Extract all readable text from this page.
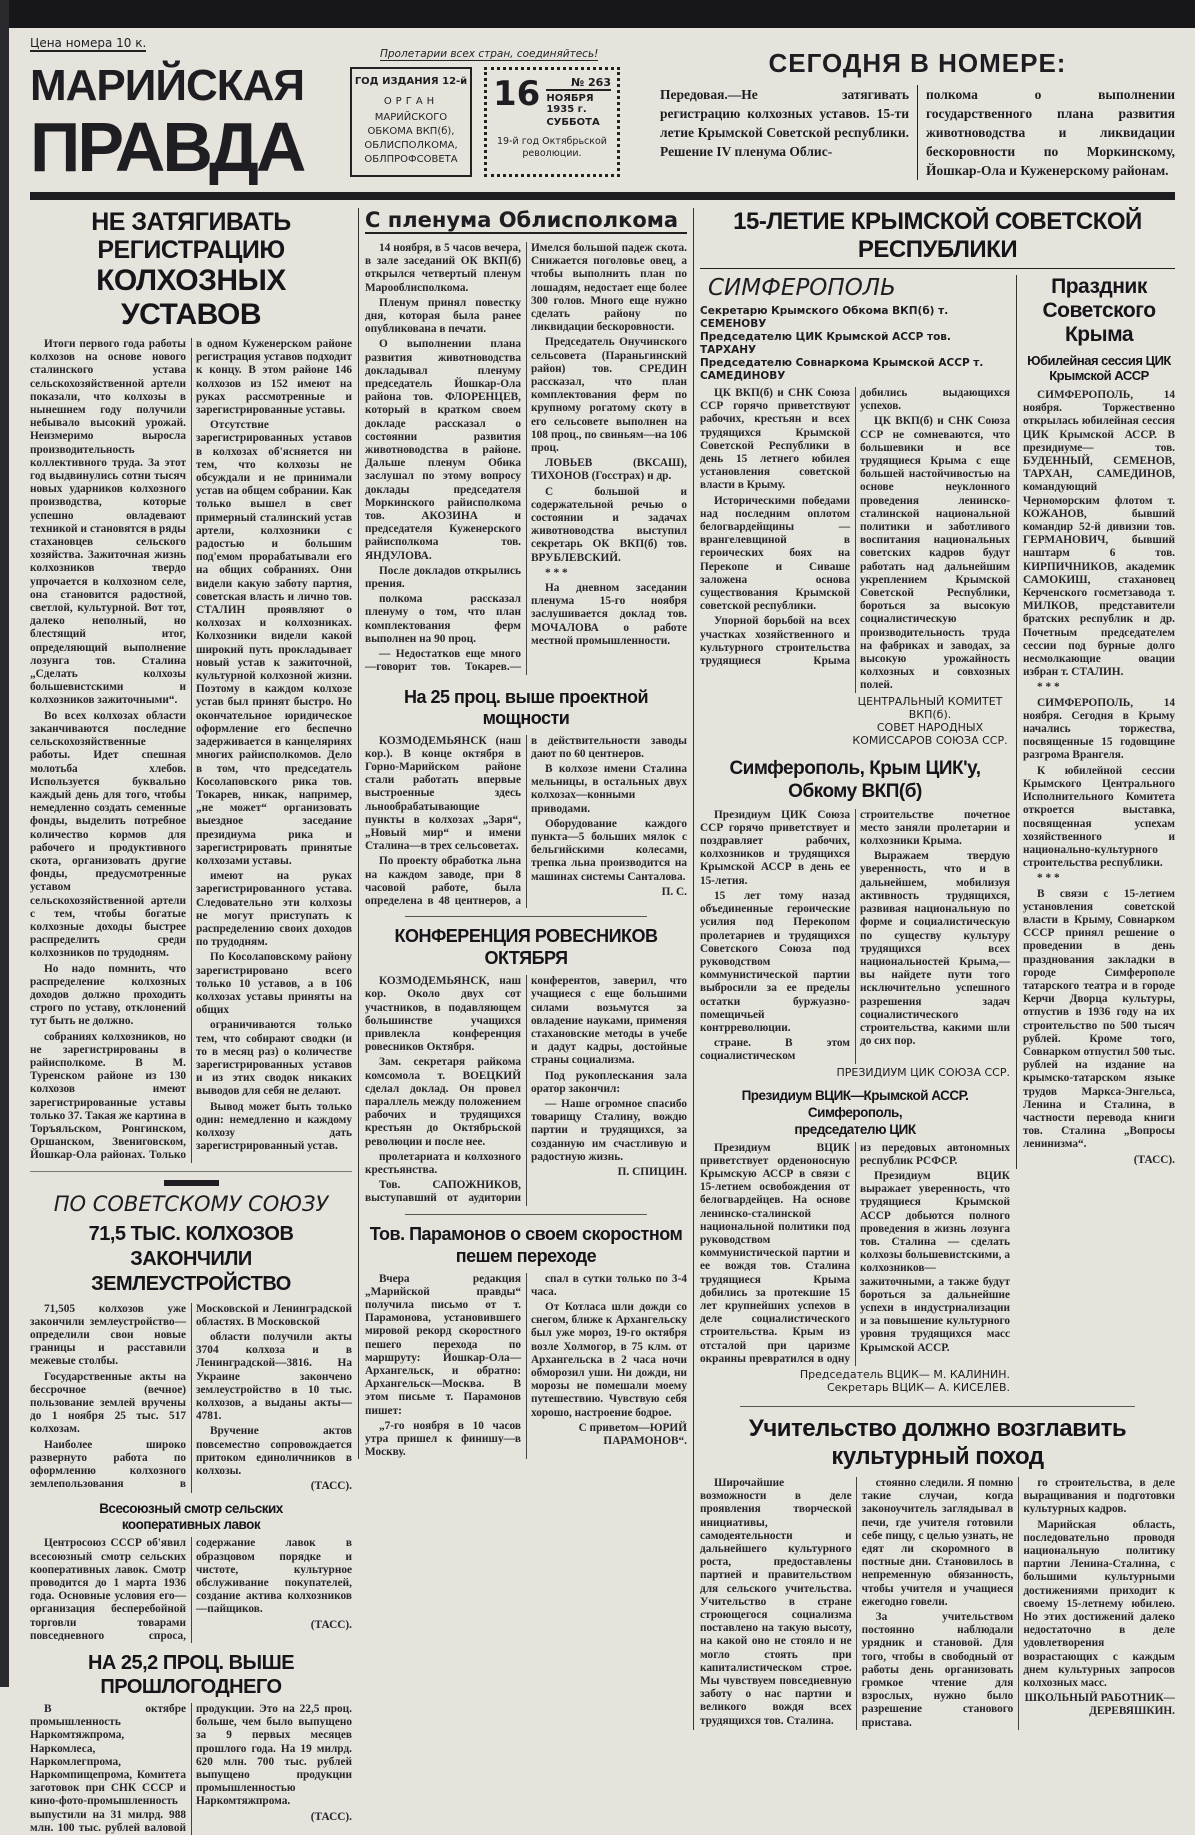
Цена номера 10 к.
МАРИЙСКАЯ
ПРАВДА
Пролетарии всех стран, соединяйтесь!
ГОД ИЗДАНИЯ 12-й
ОРГАН
МАРИЙСКОГО ОБКОМА ВКП(б), ОБЛИСПОЛКОМА, ОБЛПРОФСОВЕТА
16	№ 263
НОЯБРЯ 1935 г.
СУББОТА
19-й год Октябрьской революции.
СЕГОДНЯ В НОМЕРЕ:
Передовая.—Не затягивать регистрацию колхозных уставов. 15-ти летие Крымской Советской республики. Решение IV пленума Облис-
полкома о выполнении государственного плана развития животноводства и ликвидации бескоровности по Моркинскому, Йошкар-Ола и Куженерскому районам.
НЕ ЗАТЯГИВАТЬ РЕГИСТРАЦИЮ
КОЛХОЗНЫХ УСТАВОВ

Итоги первого года работы колхозов на основе нового сталинского устава сельскохозяйственной артели показали, что колхозы в нынешнем году получили небывало высокий урожай. Неизмеримо выросла производительность коллективного труда. За этот год выдвинулись сотни тысяч новых ударников колхозного производства, которые успешно овладевают техникой и становятся в ряды стахановцев сельского хозяйства. Зажиточная жизнь колхозников твердо упрочается в колхозном селе, она становится радостной, светлой, культурной. Вот тот, далеко неполный, но блестящий итог, определяющий выполнение лозунга тов. Сталина „Сделать колхозы большевистскими и колхозников зажиточными“.

Во всех колхозах области заканчиваются последние сельскохозяйственные работы. Идет спешная молотьба хлебов. Используется буквально каждый день для того, чтобы немедленно создать семенные фонды, выделить потребное количество кормов для рабочего и продуктивного скота, организовать другие фонды, предусмотренные уставом сельскохозяйственной артели с тем, чтобы богатые колхозные доходы быстрее распределить среди колхозников по трудодням.

Но надо помнить, что распределение колхозных доходов должно проходить строго по уставу, отклонений тут быть не должно.

собраниях колхозников, но не зарегистрированы в райисполкоме. В М. Туренском районе из 130 колхозов имеют зарегистрированные уставы только 37. Такая же картина в Торъяльском, Ронгинском, Оршанском, Звениговском, Йошкар-Ола районах. Только в одном Куженерском районе регистрация уставов подходит к концу. В этом районе 146 колхозов из 152 имеют на руках рассмотренные и зарегистрированные уставы.

Отсутствие зарегистрированных уставов в колхозах об'ясняется ни тем, что колхозы не обсуждали и не принимали устав на общем собрании. Как только вышел в свет примерный сталинский устав артели, колхозники с радостью и большим под'емом прорабатывали его на общих собраниях. Они видели какую заботу партия, советская власть и лично тов. СТАЛИН проявляют о колхозах и колхозниках. Колхозники видели какой широкий путь прокладывает новый устав к зажиточной, культурной колхозной жизни. Поэтому в каждом колхозе устав был принят быстро. Но окончательное юридическое оформление его беспечно задерживается в канцеляриях многих райисполкомов. Дело в том, что председатель Косолаповского рика тов. Токарев, никак, например, „не может“ организовать выездное заседание президиума рика и зарегистрировать принятые колхозами уставы.

имеют на руках зарегистрированного устава. Следовательно эти колхозы не могут приступать к распределению своих доходов по трудодням.

По Косолаповскому району зарегистрировано всего только 10 уставов, а в 106 колхозах уставы приняты на общих

ограничиваются только тем, что собирают сводки (и то в месяц раз) о количестве зарегистрированных уставов и из этих сводок никаких выводов для себя не делают.

Вывод может быть только один: немедленно и каждому колхозу дать зарегистрированный устав.

ПО СОВЕТСКОМУ СОЮЗУ
71,5 ТЫС. КОЛХОЗОВ
ЗАКОНЧИЛИ ЗЕМЛЕУСТРОЙСТВО

71,505 колхозов уже закончили землеустройство—определили свои новые границы и расставили межевые столбы.

Государственные акты на бессрочное (вечное) пользование землей вручены до 1 ноября 25 тыс. 517 колхозам.

Наиболее широко развернуто работа по оформлению колхозного землепользования в Московской и Ленинградской областях. В Московской

области получили акты 3704 колхоза и в Ленинградской—3816. На Украине закончено землеустройство в 10 тыс. колхозов, а выданы акты—4781.

Вручение актов повсеместно сопровождается притоком единоличников в колхозы.

(ТАСС).

Всесоюзный смотр сельских
кооперативных лавок

Центросоюз СССР об'явил всесоюзный смотр сельских кооперативных лавок. Смотр проводится до 1 марта 1936 года. Основные условия его—организация бесперебойной торговли товарами повседневного спроса, содержание лавок в образцовом порядке и чистоте, культурное обслуживание покупателей, создание актива колхозников—пайщиков.

(ТАСС).

НА 25,2 ПРОЦ. ВЫШЕ ПРОШЛОГОДНЕГО

В октябре промышленность Наркомтяжпрома, Наркомлеса, Наркомлегпрома, Наркомпищепрома, Комитета заготовок при СНК СССР и кино-фото-промышленность выпустили на 31 милрд. 988 млн. 100 тыс. рублей валовой продукции. Это на 22,5 проц. больше, чем было выпущено за 9 первых месяцев прошлого года. На 19 милрд. 620 млн. 700 тыс. рублей выпущено продукции промышленностью Наркомтяжпрома.

(ТАСС).

С пленума Облисполкома

14 ноября, в 5 часов вечера, в зале заседаний ОК ВКП(б) открылся четвертый пленум Марооблисполкома.

Пленум принял повестку дня, которая была ранее опубликована в печати.

О выполнении плана развития животноводства докладывал пленуму председатель Йошкар-Ола района тов. ФЛОРЕНЦЕВ, который в кратком своем докладе рассказал о состоянии развития животноводства в районе. Дальше пленум Обика заслушал по этому вопросу доклады председателя Моркинского райисполкома тов. АКОЗИНА и председателя Куженерского райисполкома тов. ЯНДУЛОВА.

После докладов открылись прения.

полкома рассказал пленуму о том, что план комплектования ферм выполнен на 90 проц.

— Недостатков еще много —говорит тов. Токарев.— Имелся большой падеж скота. Снижается поголовье овец, а чтобы выполнить план по лошадям, недостает еще более 300 голов. Много еще нужно сделать району по ликвидации бескоровности.

Председатель Онучинского сельсовета (Параньгинский район) тов. СРЕДИН рассказал, что план комплектования ферм по крупному рогатому скоту в его сельсовете выполнен на 108 проц., по свиньям—на 106 проц.

ЛОВЬЕВ (ВКСАШ), ТИХОНОВ (Госстрах) и др.

С большой и содержательной речью о состоянии и задачах животноводства выступил секретарь ОК ВКП(б) тов. ВРУБЛЕВСКИЙ.

* * *

На дневном заседании пленума 15-го ноября заслушивается доклад тов. МОЧАЛОВА о работе местной промышленности.

На 25 проц. выше проектной
мощности

КОЗМОДЕМЬЯНСК (наш кор.). В конце октября в Горно-Марийском районе стали работать впервые выстроенные здесь льнообрабатывающие пункты в колхозах „Заря“, „Новый мир“ и имени Сталина—в трех сельсоветах.

По проекту обработка льна на каждом заводе, при 8 часовой работе, была определена в 48 центнеров, а в действительности заводы дают по 60 центнеров.

В колхозе имени Сталина мельницы, в остальных двух колхозах—конными приводами.

Оборудование каждого пункта—5 больших мялок с бельгийскими колесами, трепка льна производится на машинах системы Санталова.

П. С.

КОНФЕРЕНЦИЯ РОВЕСНИКОВ ОКТЯБРЯ

КОЗМОДЕМЬЯНСК, наш кор. Около двух сот участников, в подавляющем большинстве учащихся привлекла конференция ровесников Октября.

Зам. секретаря райкома комсомола т. ВОЕЦКИЙ сделал доклад. Он провел параллель между положением рабочих и трудящихся крестьян до Октябрьской революции и после нее.

пролетариата и колхозного крестьянства.

Тов. САПОЖНИКОВ, выступавший от аудитории конферентов, заверил, что учащиеся с еще большими силами возьмутся за овладение науками, применяя стахановские методы в учебе и дадут кадры, достойные страны социализма.

Под рукоплескания зала оратор закончил:

— Наше огромное спасибо товарищу Сталину, вождю партии и трудящихся, за созданную им счастливую и радостную жизнь.

П. СПИЦИН.

Тов. Парамонов о своем скоростном
пешем переходе

Вчера редакция „Марийской правды“ получила письмо от т. Парамонова, установившего мировой рекорд скоростного пешего перехода по маршруту: Йошкар-Ола—Архангельск, и обратно: Архангельск—Москва. В этом письме т. Парамонов пишет:

„7-го ноября в 10 часов утра пришел к финишу—в Москву.

спал в сутки только по 3-4 часа.

От Котласа шли дожди со снегом, ближе к Архангельску был уже мороз, 19-го октября возле Холмогор, в 75 клм. от Архангельска в 2 часа ночи обморозил уши. Ни дожди, ни морозы не помешали моему путешествию. Чувствую себя хорошо, настроение бодрое.

С приветом—ЮРИЙ ПАРАМОНОВ“.

15-ЛЕТИЕ КРЫМСКОЙ СОВЕТСКОЙ РЕСПУБЛИКИ
СИМФЕРОПОЛЬ
Секретарю Крымского Обкома ВКП(б) т. СЕМЕНОВУ
Председателю ЦИК Крымской АССР тов. ТАРХАНУ
Председателю Совнаркома Крымской АССР т. САМЕДИНОВУ

ЦК ВКП(б) и СНК Союза ССР горячо приветствуют рабочих, крестьян и всех трудящихся Крымской Советской Республики в день 15 летнего юбилея установления советской власти в Крыму.

Историческими победами над последним оплотом белогвардейщины — врангелевщиной в героических боях на Перекопе и Сиваше заложена основа существования Крымской советской республики.

Упорной борьбой на всех участках хозяйственного и культурного строительства трудящиеся Крыма добились выдающихся успехов.

ЦК ВКП(б) и СНК Союза ССР не сомневаются, что большевики и все трудящиеся Крыма с еще большей настойчивостью на основе неуклонного проведения ленинско-сталинской национальной политики и заботливого воспитания национальных советских кадров будут работать над дальнейшим укреплением Крымской Советской Республики, бороться за высокую социалистическую производительность труда на фабриках и заводах, за высокую урожайность колхозных и совхозных полей.

ЦЕНТРАЛЬНЫЙ КОМИТЕТ ВКП(б).
СОВЕТ НАРОДНЫХ КОМИССАРОВ СОЮЗА ССР.
Симферополь, Крым ЦИК'у,
Обкому ВКП(б)

Президиум ЦИК Союза ССР горячо приветствует и поздравляет рабочих, колхозников и трудящихся Крымской АССР в день ее 15-летия.

15 лет тому назад объединенные героические усилия под Перекопом пролетариев и трудящихся Советского Союза под руководством коммунистической партии выбросили за ее пределы остатки буржуазно-помещичьей контрреволюции.

стране. В этом социалистическом строительстве почетное место заняли пролетарии и колхозники Крыма.

Выражаем твердую уверенность, что и в дальнейшем, мобилизуя активность трудящихся, развивая национальную по форме и социалистическую по существу культуру трудящихся всех национальностей Крыма,—вы найдете пути того исключительно успешного разрешения задач социалистического строительства, какими шли до сих пор.

ПРЕЗИДИУМ ЦИК СОЮЗА ССР.
Президиум ВЦИК—Крымской АССР. Симферополь,
председателю ЦИК

Президиум ВЦИК приветствует орденоносную Крымскую АССР в связи с 15-летием освобождения от белогвардейцев. На основе ленинско-сталинской национальной политики под руководством коммунистической партии и ее вождя тов. Сталина трудящиеся Крыма добились за протекшие 15 лет крупнейших успехов в деле социалистического строительства. Крым из отсталой при царизме окраины превратился в одну из передовых автономных республик РСФСР.

Президиум ВЦИК выражает уверенность, что трудящиеся Крымской АССР добьются полного проведения в жизнь лозунга тов. Сталина — сделать колхозы большевистскими, а колхозников—зажиточными, а также будут бороться за дальнейшие успехи в индустриализации и за повышение культурного уровня трудящихся масс Крымской АССР.

Председатель ВЦИК— М. КАЛИНИН.
Секретарь ВЦИК— А. КИСЕЛЕВ.
Праздник Советского Крыма
Юбилейная сессия ЦИК Крымской АССР

СИМФЕРОПОЛЬ, 14 ноября. Торжественно открылась юбилейная сессия ЦИК Крымской АССР. В президиуме— тов. БУДЕННЫЙ, СЕМЕНОВ, ТАРХАН, САМЕДИНОВ, командующий Черноморским флотом т. КОЖАНОВ, бывший командир 52-й дивизии тов. ГЕРМАНОВИЧ, бывший наштарм 6 тов. КИРПИЧНИКОВ, академик САМОКИШ, стахановец Керченского госметзавода т. МИЛКОВ, представители братских республик и др. Почетным председателем сессии под бурные долго несмолкающие овации избран т. СТАЛИН.

* * *

СИМФЕРОПОЛЬ, 14 ноября. Сегодня в Крыму начались торжества, посвященные 15 годовщине разгрома Врангеля.

К юбилейной сессии Крымского Центрального Исполнительного Комитета откроется выставка, посвященная успехам хозяйственного и национально-культурного строительства республики.

* * *

В связи с 15-летием установления советской власти в Крыму, Совнарком СССР принял решение о проведении в день празднования закладки в городе Симферополе татарского театра и в городе Керчи Дворца культуры, отпустив в 1936 году на их строительство по 500 тысяч рублей. Кроме того, Совнарком отпустил 500 тыс. рублей на издание на крымско-татарском языке трудов Маркса-Энгельса, Ленина и Сталина, в частности перевода книги тов. Сталина „Вопросы ленинизма“.

(ТАСС).

Учительство должно возглавить культурный поход

Широчайшие возможности в деле проявления творческой инициативы, самодеятельности и дальнейшего культурного роста, предоставлены партией и правительством для сельского учительства. Учительство в стране строющегося социализма поставлено на такую высоту, на какой оно не стояло и не могло стоять при капиталистическом строе. Мы чувствуем повседневную заботу о нас партии и великого вождя всех трудящихся тов. Сталина.

стоянно следили. Я помню такие случаи, когда законоучитель заглядывал в печи, где учителя готовили себе пищу, с целью узнать, не едят ли скоромного в постные дни. Становилось в непременную обязанность, чтобы учителя и учащиеся ежегодно говели.

За учительством постоянно наблюдали урядник и становой. Для того, чтобы в свободный от работы день организовать громкое чтение для взрослых, нужно было разрешение станового пристава.

го строительства, в деле выращивания и подготовки культурных кадров.

Марийская область, последовательно проводя национальную политику партии Ленина-Сталина, с большими культурными достижениями приходит к своему 15-летнему юбилею. Но этих достижений далеко недостаточно в деле удовлетворения возрастающих с каждым днем культурных запросов колхозных масс.

ШКОЛЬНЫЙ РАБОТНИК— ДЕРЕВЯШКИН.
